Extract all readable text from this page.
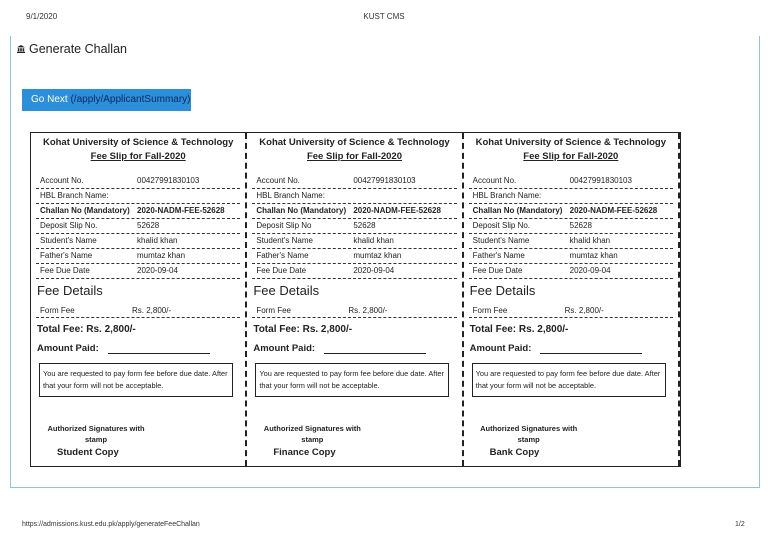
9/1/2020	KUST CMS
Generate Challan
Go Next (/apply/ApplicantSummary)
Kohat University of Science & Technology
Fee Slip for Fall-2020
Account No.	00427991830103
HBL Branch Name:
Challan No (Mandatory) 2020-NADM-FEE-52628
Deposit Slip No.	52628
Student's Name	khalid khan
Father's Name	mumtaz khan
Fee Due Date	2020-09-04
Fee Details
Form Fee	Rs. 2,800/-
Total Fee: Rs. 2,800/-
Amount Paid:
You are requested to pay form fee before due date. After that your form will not be acceptable.
Authorized Signatures with stamp
Student Copy
Kohat University of Science & Technology
Fee Slip for Fall-2020
Account No.	00427991830103
HBL Branch Name:
Challan No (Mandatory) 2020-NADM-FEE-52628
Deposit Slip No	52628
Student's Name	khalid khan
Father's Name	mumtaz khan
Fee Due Date	2020-09-04
Fee Details
Form Fee	Rs. 2,800/-
Total Fee: Rs. 2,800/-
Amount Paid:
You are requested to pay form fee before due date. After that your form will not be acceptable.
Authorized Signatures with stamp
Finance Copy
Kohat University of Science & Technology
Fee Slip for Fall-2020
Account No.	00427991830103
HBL Branch Name:
Challan No (Mandatory) 2020-NADM-FEE-52628
Deposit Slip No.	52628
Student's Name	khalid khan
Father's Name	mumtaz khan
Fee Due Date	2020-09-04
Fee Details
Form Fee	Rs. 2,800/-
Total Fee: Rs. 2,800/-
Amount Paid:
You are requested to pay form fee before due date. After that your form will not be acceptable.
Authorized Signatures with stamp
Bank Copy
https://admissions.kust.edu.pk/apply/generateFeeChallan	1/2
